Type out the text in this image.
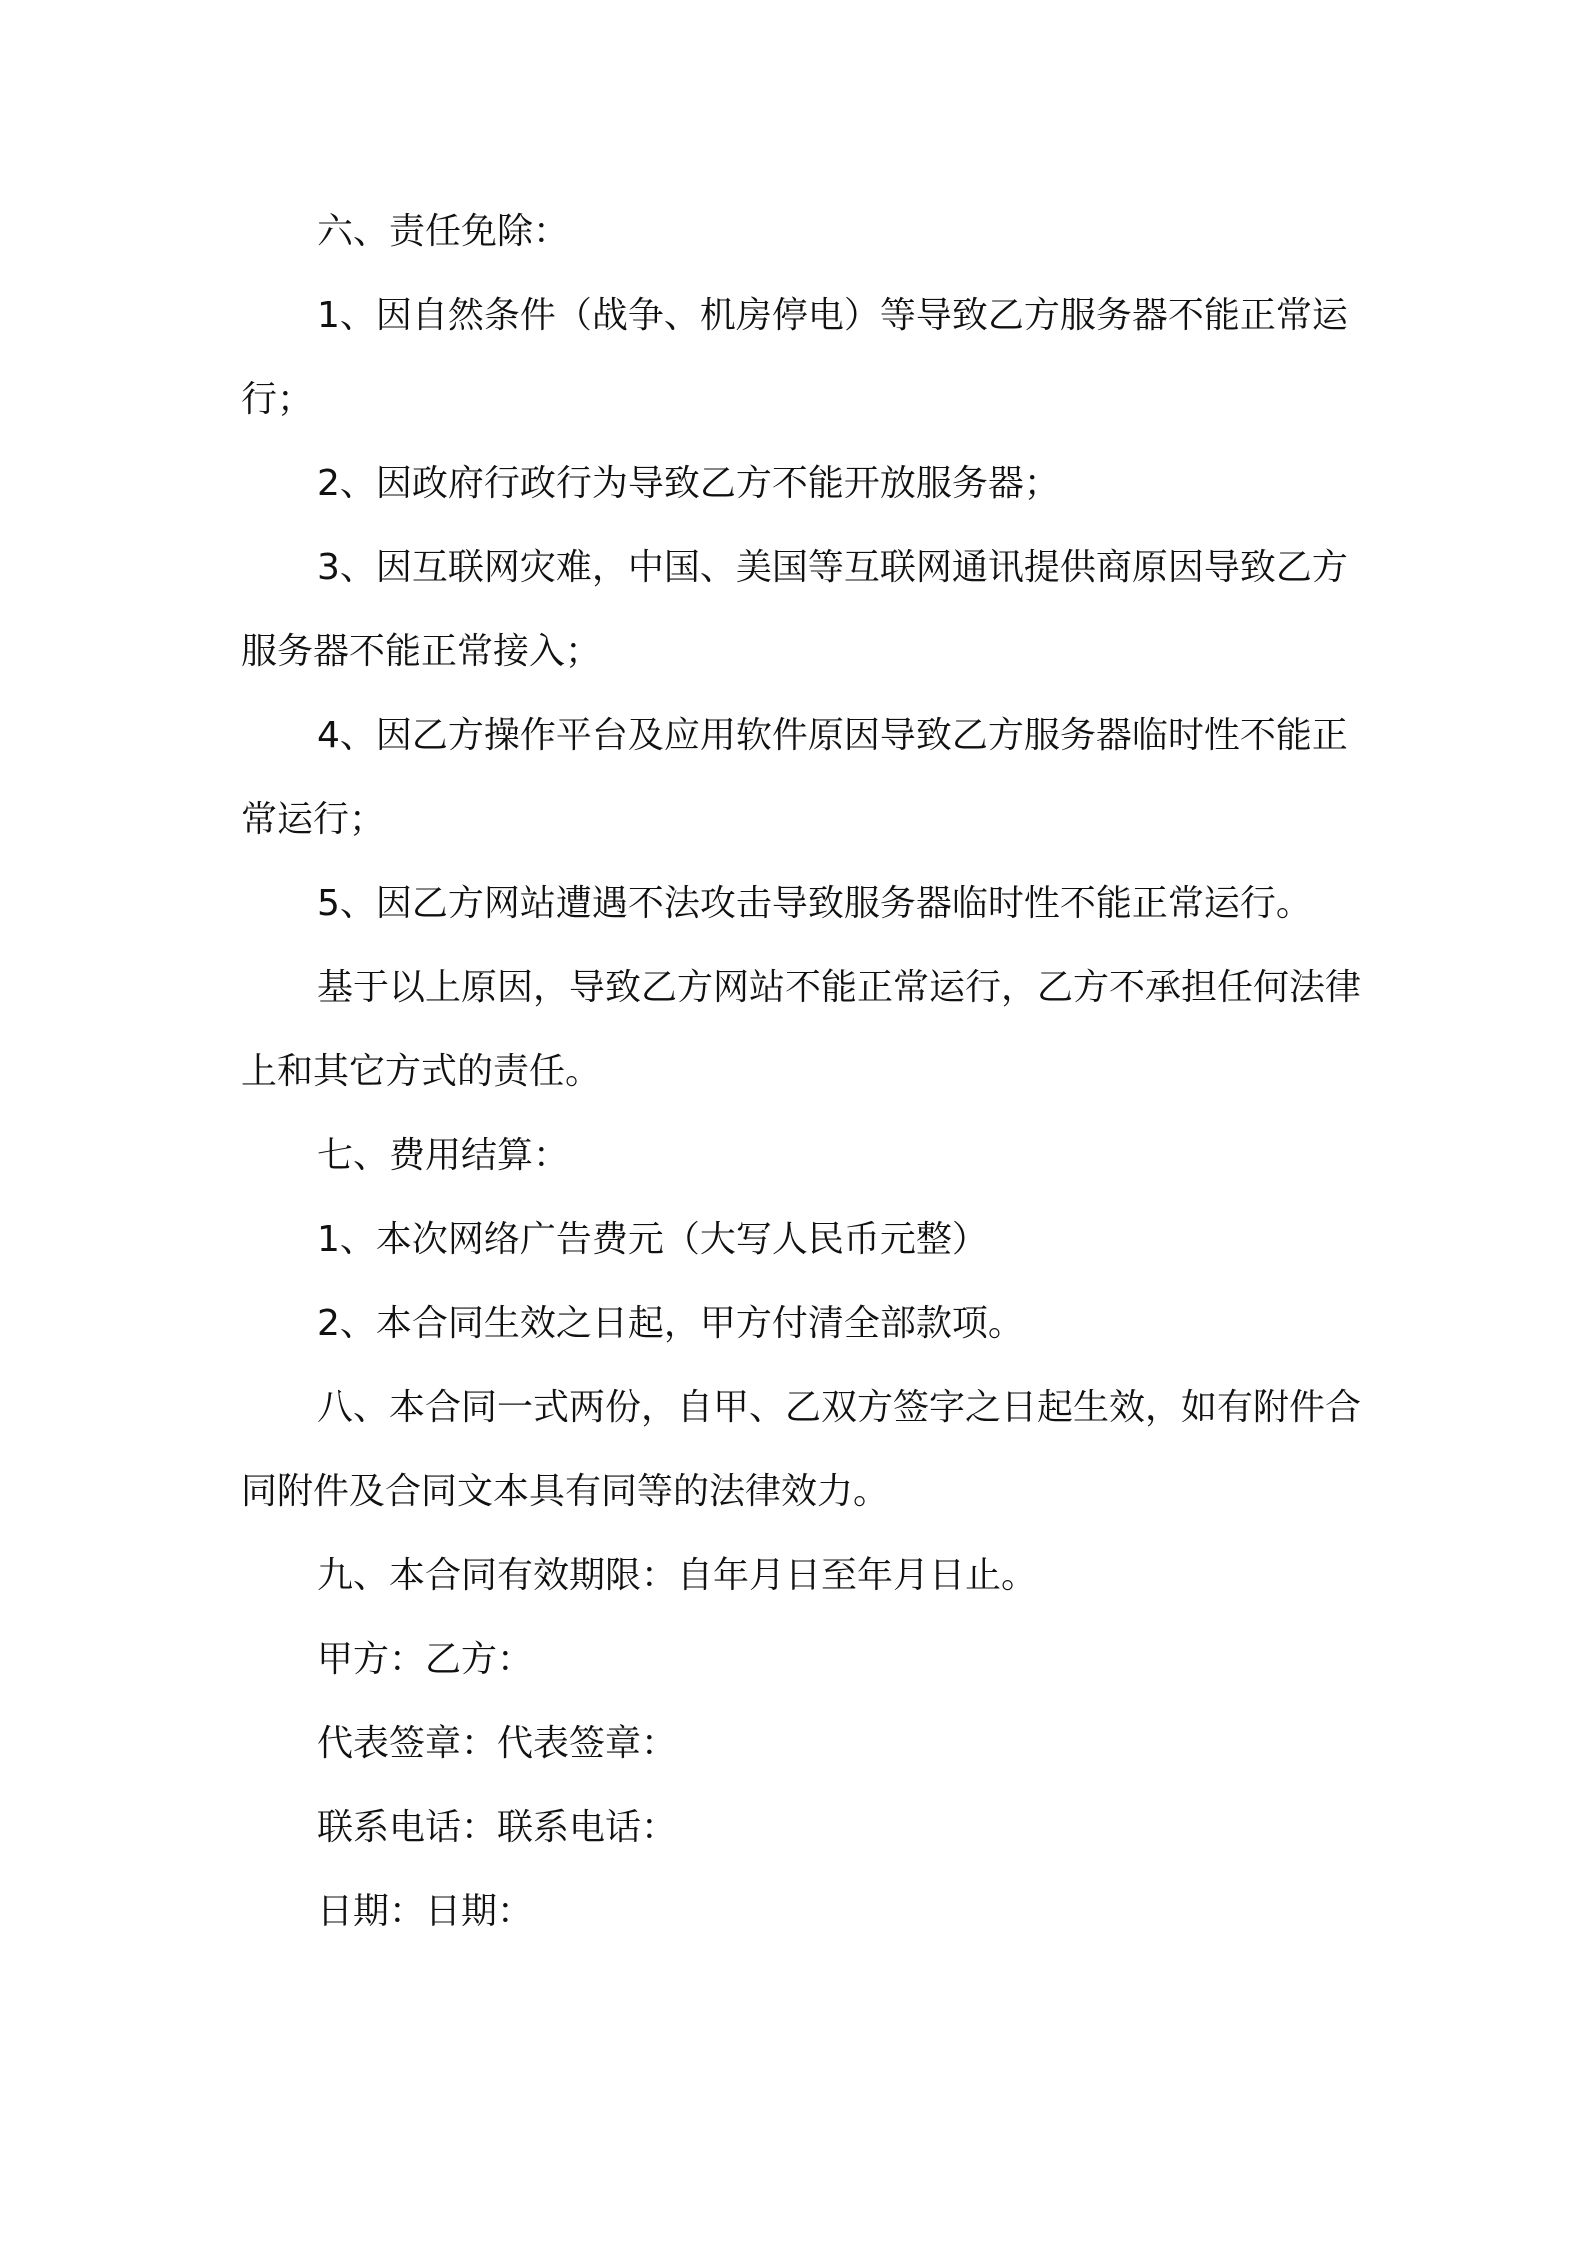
六、责任免除：

1、因自然条件（战争、机房停电）等导致乙方服务器不能正常运行；

2、因政府行政行为导致乙方不能开放服务器；

3、因互联网灾难，中国、美国等互联网通讯提供商原因导致乙方服务器不能正常接入；

4、因乙方操作平台及应用软件原因导致乙方服务器临时性不能正常运行；

5、因乙方网站遭遇不法攻击导致服务器临时性不能正常运行。

基于以上原因，导致乙方网站不能正常运行，乙方不承担任何法律上和其它方式的责任。

七、费用结算：

1、本次网络广告费元（大写人民币元整）

2、本合同生效之日起，甲方付清全部款项。

八、本合同一式两份，自甲、乙双方签字之日起生效，如有附件合同附件及合同文本具有同等的法律效力。

九、本合同有效期限：自年月日至年月日止。

甲方：乙方：

代表签章：代表签章：

联系电话：联系电话：

日期：日期：
